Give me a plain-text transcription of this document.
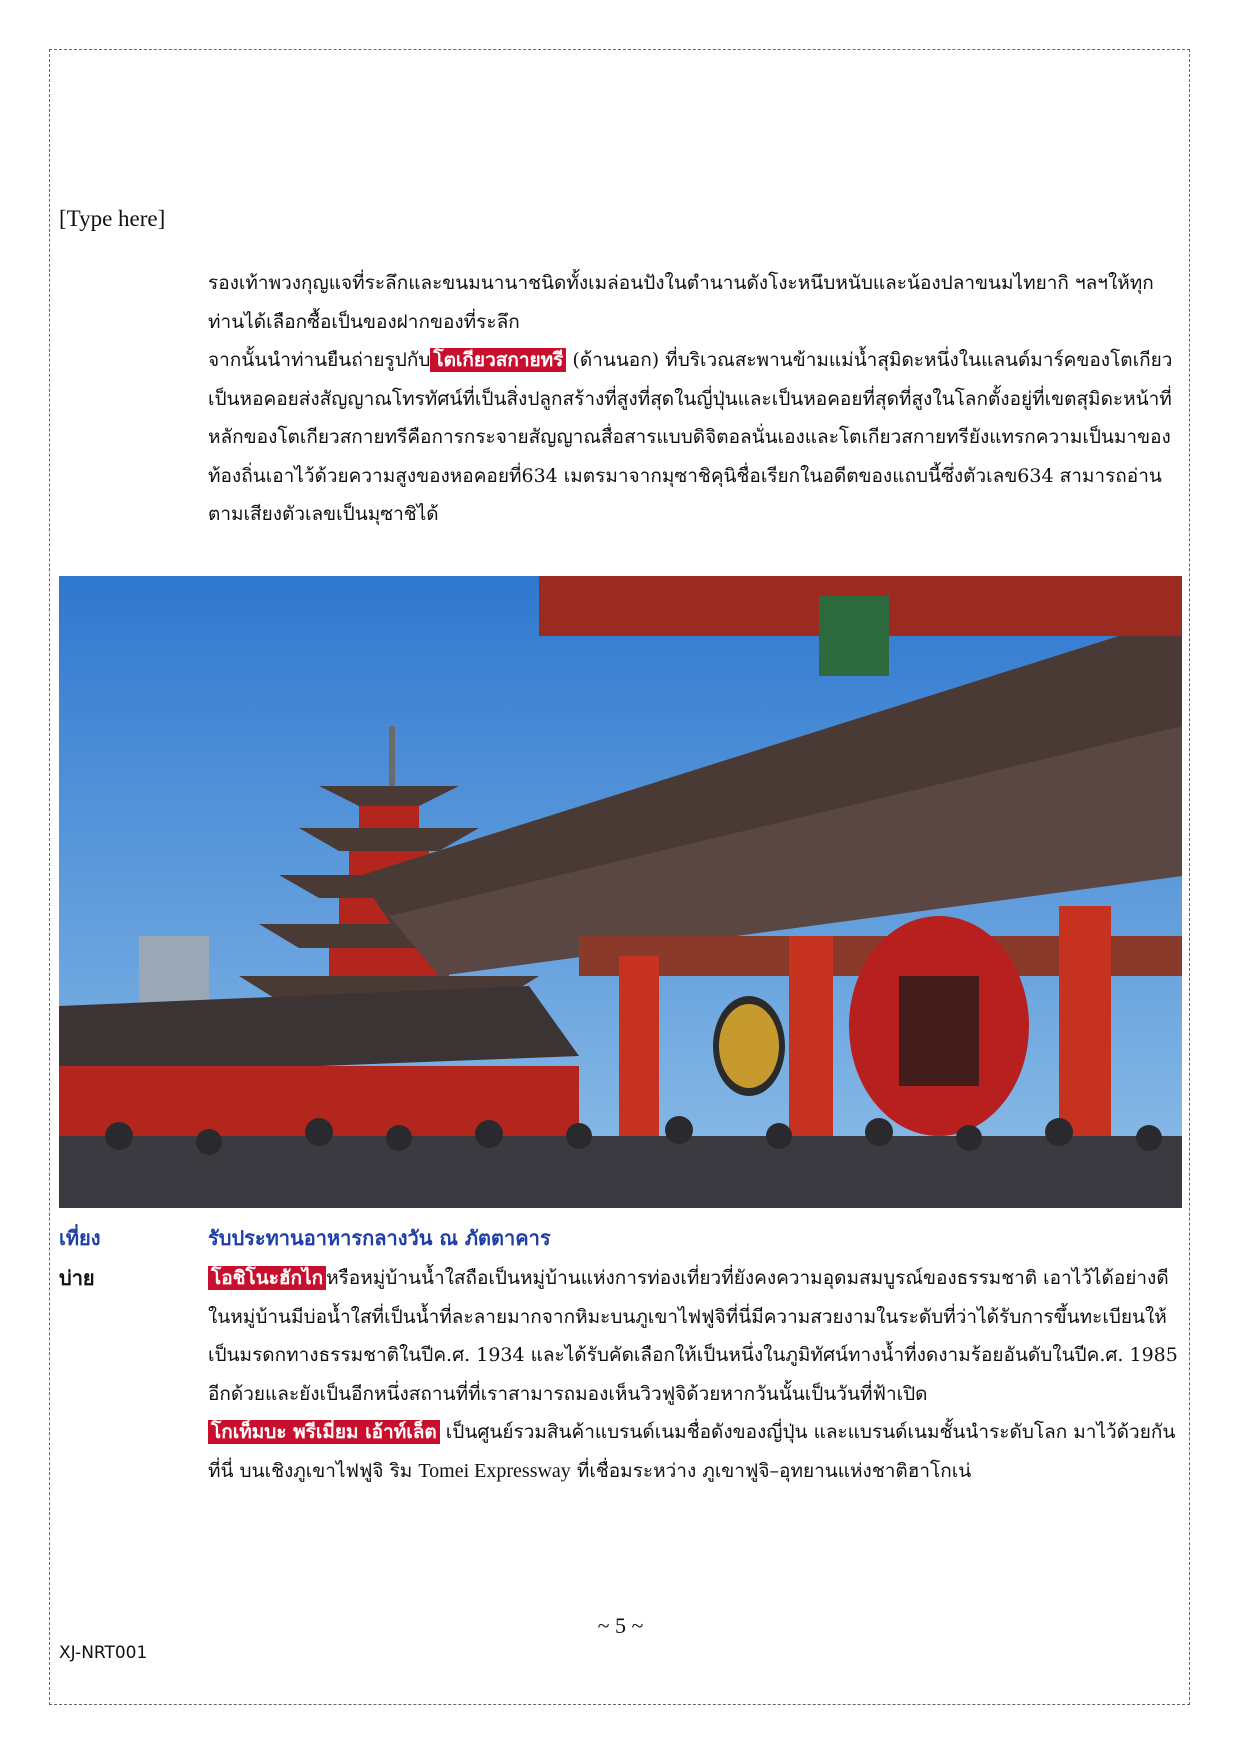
[Type here]
รองเท้าพวงกุญแจที่ระลึกและขนมนานาชนิดทั้งเมล่อนปังในตำนานดังโงะหนึบหนับและน้องปลาขนมไทยากิ ฯลฯให้ทุกท่านได้เลือกซื้อเป็นของฝากของที่ระลึก
จากนั้นนำท่านยืนถ่ายรูปกับ โตเกียวสกายทรี (ด้านนอก) ที่บริเวณสะพานข้ามแม่น้ำสุมิดะหนึ่งในแลนด์มาร์คของโตเกียวเป็นหอคอยส่งสัญญาณโทรทัศน์ที่เป็นสิ่งปลูกสร้างที่สูงที่สุดในญี่ปุ่นและเป็นหอคอยที่สุดที่สูงในโลกตั้งอยู่ที่เขตสุมิดะหน้าที่หลักของโตเกียวสกายทรีคือการกระจายสัญญาณสื่อสารแบบดิจิตอลนั่นเองและโตเกียวสกายทรียังแทรกความเป็นมาของท้องถิ่นเอาไว้ด้วยความสูงของหอคอยที่634 เมตรมาจากมุซาชิคุนิชื่อเรียกในอดีตของแถบนี้ซึ่งตัวเลข634 สามารถอ่านตามเสียงตัวเลขเป็นมุซาชิได้
เที่ยง	รับประทานอาหารกลางวัน ณ ภัตตาคาร
บ่าย	โอชิโนะฮักไก หรือหมู่บ้านน้ำใสถือเป็นหมู่บ้านแห่งการท่องเที่ยวที่ยังคงความอุดมสมบูรณ์ของธรรมชาติ เอาไว้ได้อย่างดีในหมู่บ้านมีบ่อน้ำใสที่เป็นน้ำที่ละลายมากจากหิมะบนภูเขาไฟฟูจิที่นี่มีความสวยงามในระดับที่ว่าได้รับการขึ้นทะเบียนให้เป็นมรดกทางธรรมชาติในปีค.ศ. 1934 และได้รับคัดเลือกให้เป็นหนึ่งในภูมิทัศน์ทางน้ำที่งดงามร้อยอันดับในปีค.ศ. 1985 อีกด้วยและยังเป็นอีกหนึ่งสถานที่ที่เราสามารถมองเห็นวิวฟูจิด้วยหากวันนั้นเป็นวันที่ฟ้าเปิด
โกเท็มบะ พรีเมี่ยม เอ้าท์เล็ต เป็นศูนย์รวมสินค้าแบรนด์เนมชื่อดังของญี่ปุ่น และแบรนด์เนมชั้นนำระดับโลก มาไว้ด้วยกันที่นี่ บนเชิงภูเขาไฟฟูจิ ริม Tomei Expressway ที่เชื่อมระหว่าง ภูเขาฟูจิ–อุทยานแห่งชาติฮาโกเน่
~ 5 ~
XJ-NRT001
